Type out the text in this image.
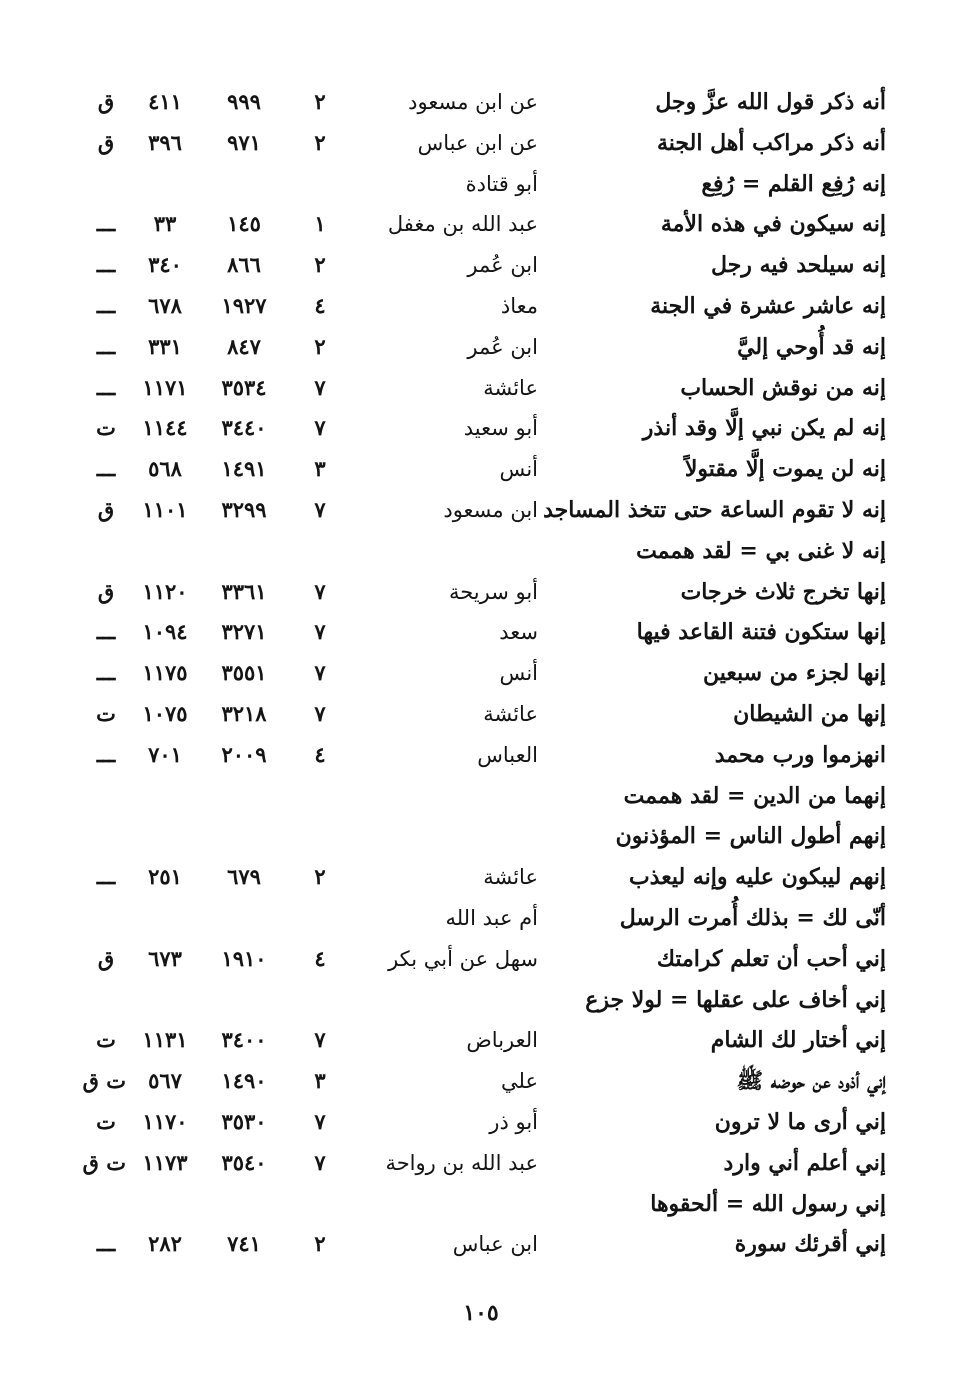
أنه ذكر قول الله عزَّ وجل
عن ابن مسعود
٢
٩٩٩
٤١١
ق
أنه ذكر مراكب أهل الجنة
عن ابن عباس
٢
٩٧١
٣٩٦
ق
إنه رُفِع القلم = رُفِع
أبو قتادة
إنه سيكون في هذه الأمة
عبد الله بن مغفل
١
١٤٥
٣٣
ـــ
إنه سيلحد فيه رجل
ابن عُمر
٢
٨٦٦
٣٤٠
ـــ
إنه عاشر عشرة في الجنة
معاذ
٤
١٩٢٧
٦٧٨
ـــ
إنه قد أُوحي إليَّ
ابن عُمر
٢
٨٤٧
٣٣١
ـــ
إنه من نوقش الحساب
عائشة
٧
٣٥٣٤
١١٧١
ـــ
إنه لم يكن نبي إلَّا وقد أنذر
أبو سعيد
٧
٣٤٤٠
١١٤٤
ت
إنه لن يموت إلَّا مقتولاً
أنس
٣
١٤٩١
٥٦٨
ـــ
إنه لا تقوم الساعة حتى تتخذ المساجد
ابن مسعود
٧
٣٢٩٩
١١٠١
ق
إنه لا غنى بي = لقد هممت
إنها تخرج ثلاث خرجات
أبو سريحة
٧
٣٣٦١
١١٢٠
ق
إنها ستكون فتنة القاعد فيها
سعد
٧
٣٢٧١
١٠٩٤
ـــ
إنها لجزء من سبعين
أنس
٧
٣٥٥١
١١٧٥
ـــ
إنها من الشيطان
عائشة
٧
٣٢١٨
١٠٧٥
ت
انهزموا ورب محمد
العباس
٤
٢٠٠٩
٧٠١
ـــ
إنهما من الدين = لقد هممت
إنهم أطول الناس = المؤذنون
إنهم ليبكون عليه وإنه ليعذب
عائشة
٢
٦٧٩
٢٥١
ـــ
أنّى لك = بذلك أُمرت الرسل
أم عبد الله
إني أحب أن تعلم كرامتك
سهل عن أبي بكر
٤
١٩١٠
٦٧٣
ق
إني أخاف على عقلها = لولا جزع
إني أختار لك الشام
العرباض
٧
٣٤٠٠
١١٣١
ت
إني أذود عن حوضه ﷺ
علي
٣
١٤٩٠
٥٦٧
ت ق
إني أرى ما لا ترون
أبو ذر
٧
٣٥٣٠
١١٧٠
ت
إني أعلم أني وارد
عبد الله بن رواحة
٧
٣٥٤٠
١١٧٣
ت ق
إني رسول الله = ألحقوها
إني أقرئك سورة
ابن عباس
٢
٧٤١
٢٨٢
ـــ
١٠٥
